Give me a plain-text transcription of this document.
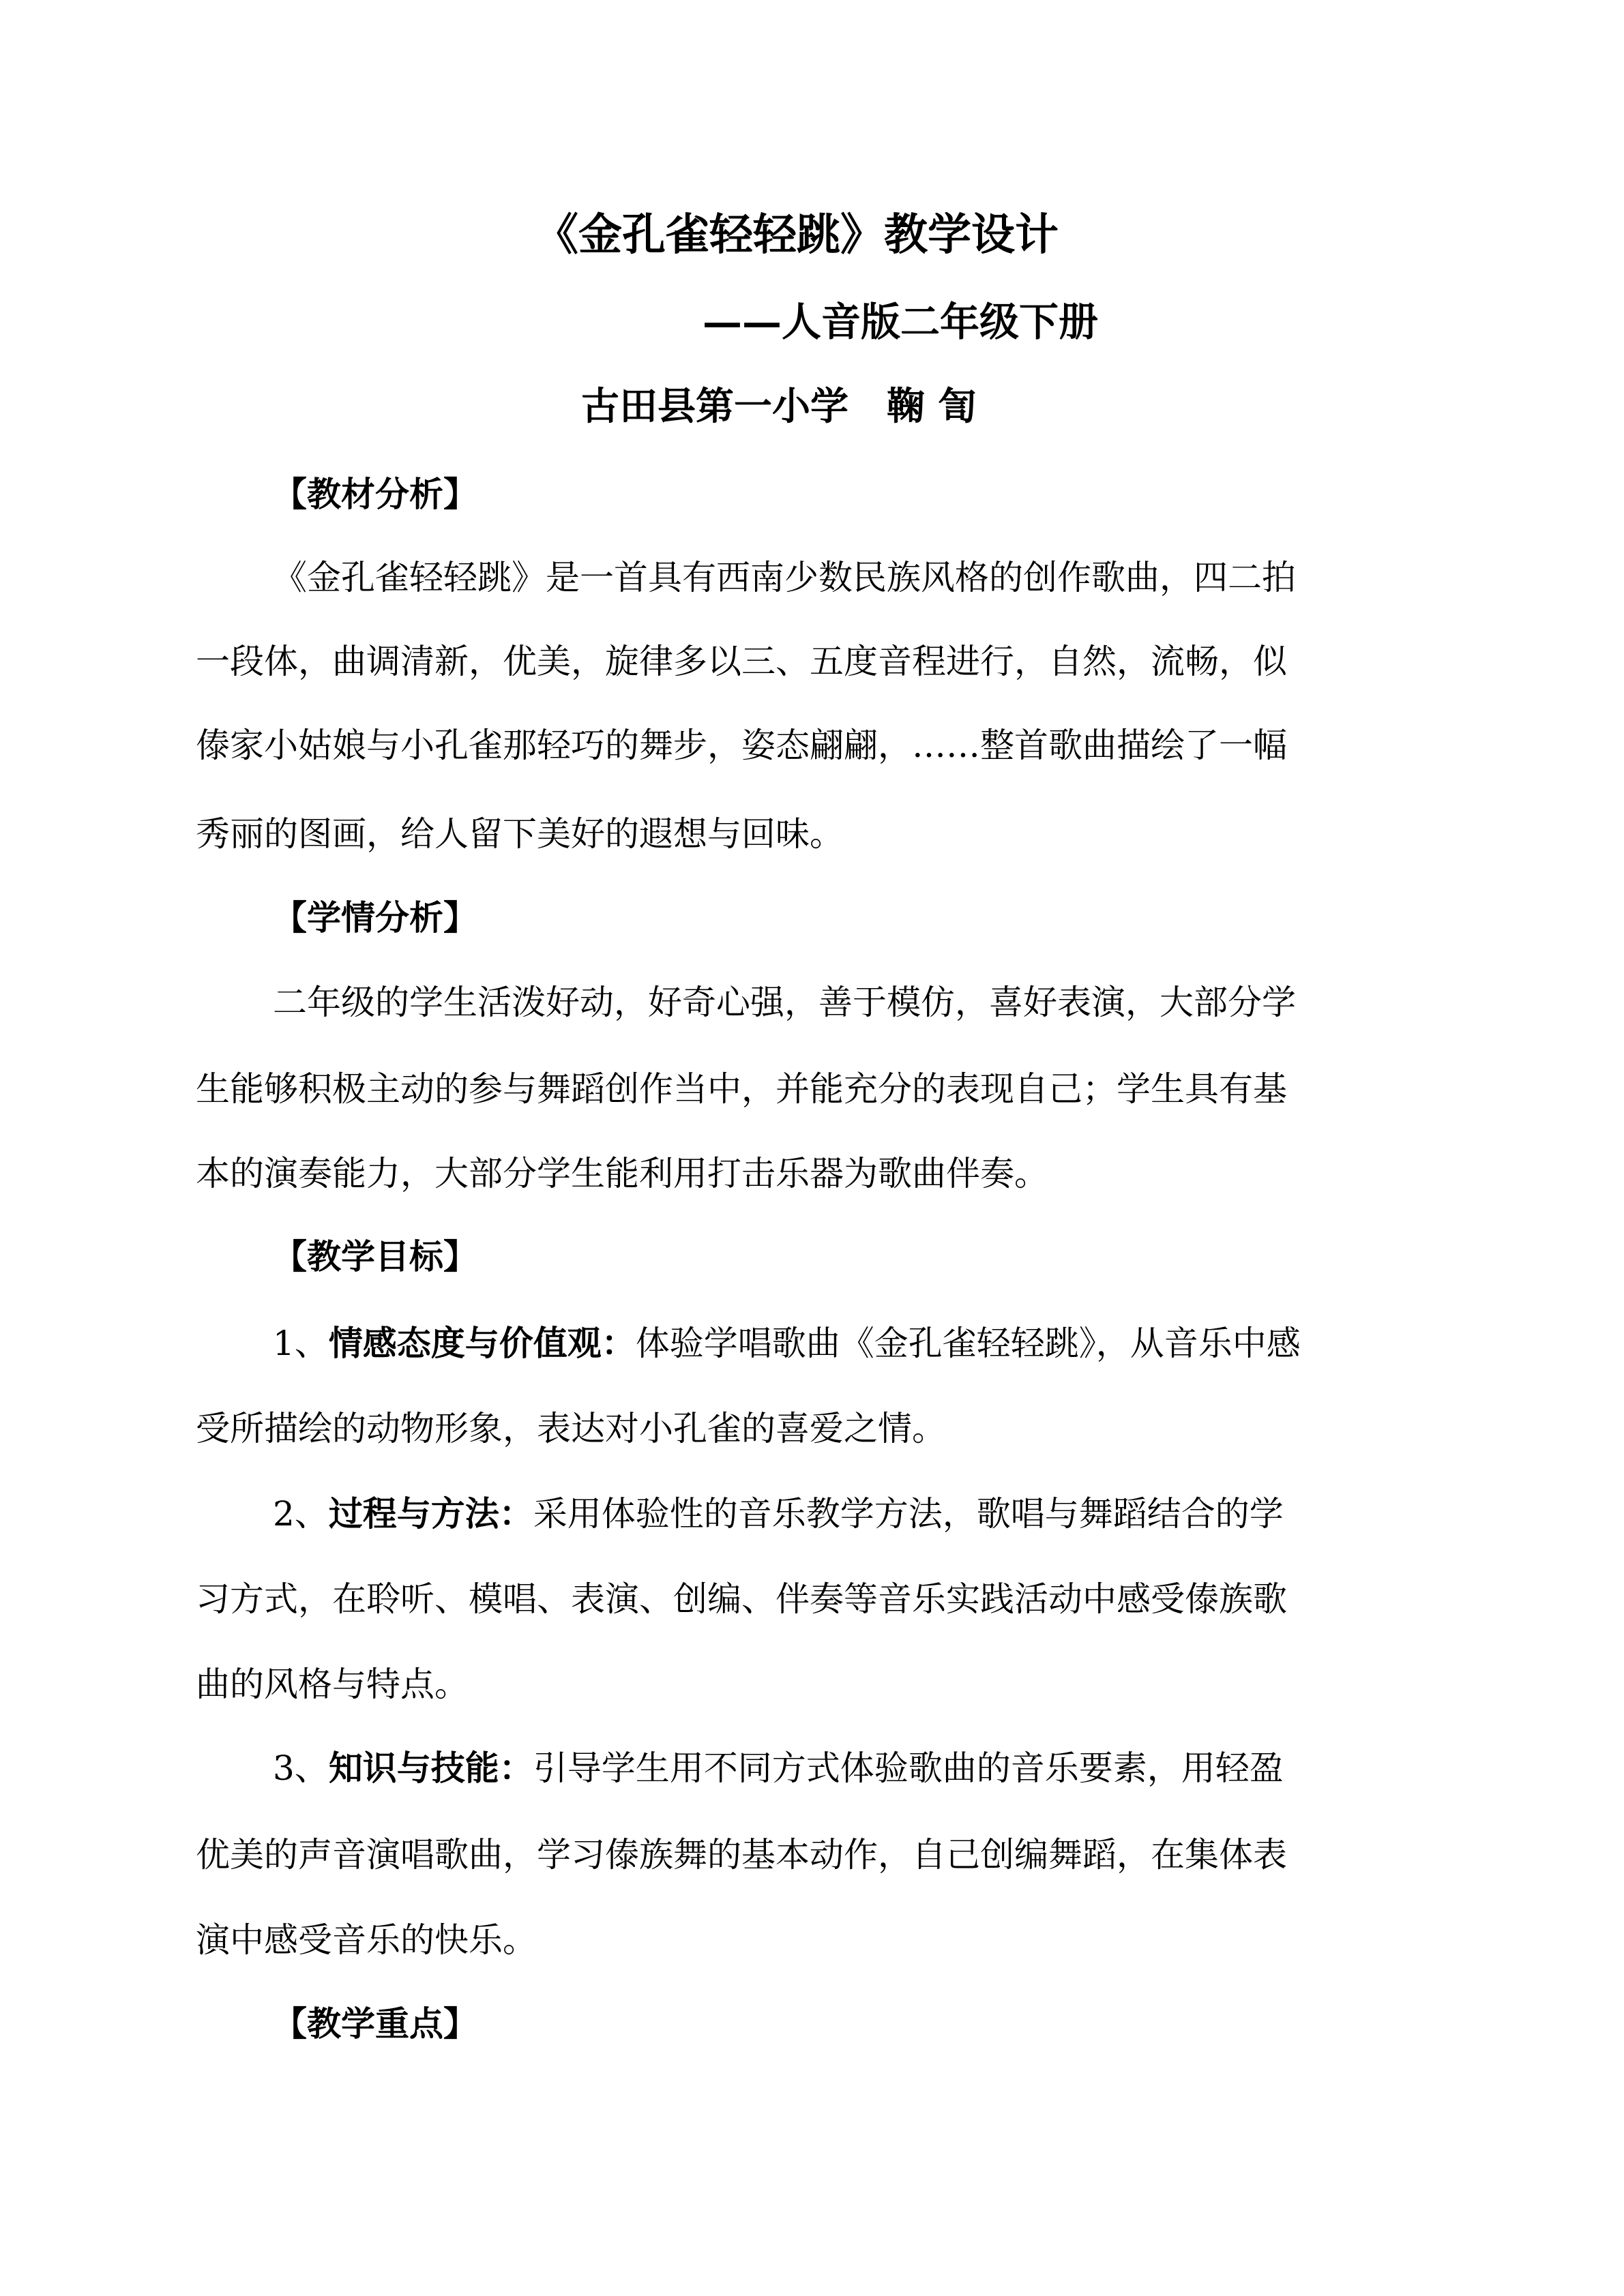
《金孔雀轻轻跳》教学设计
——人音版二年级下册
古田县第一小学　鞠 訇
【教材分析】
《金孔雀轻轻跳》是一首具有西南少数民族风格的创作歌曲，四二拍
一段体，曲调清新，优美，旋律多以三、五度音程进行，自然，流畅，似
傣家小姑娘与小孔雀那轻巧的舞步，姿态翩翩，……整首歌曲描绘了一幅
秀丽的图画，给人留下美好的遐想与回味。
【学情分析】
二年级的学生活泼好动，好奇心强，善于模仿，喜好表演，大部分学
生能够积极主动的参与舞蹈创作当中，并能充分的表现自己；学生具有基
本的演奏能力，大部分学生能利用打击乐器为歌曲伴奏。
【教学目标】
1、情感态度与价值观：体验学唱歌曲《金孔雀轻轻跳》，从音乐中感
受所描绘的动物形象，表达对小孔雀的喜爱之情。
2、过程与方法：采用体验性的音乐教学方法，歌唱与舞蹈结合的学
习方式，在聆听、模唱、表演、创编、伴奏等音乐实践活动中感受傣族歌
曲的风格与特点。
3、知识与技能：引导学生用不同方式体验歌曲的音乐要素，用轻盈
优美的声音演唱歌曲，学习傣族舞的基本动作，自己创编舞蹈，在集体表
演中感受音乐的快乐。
【教学重点】
